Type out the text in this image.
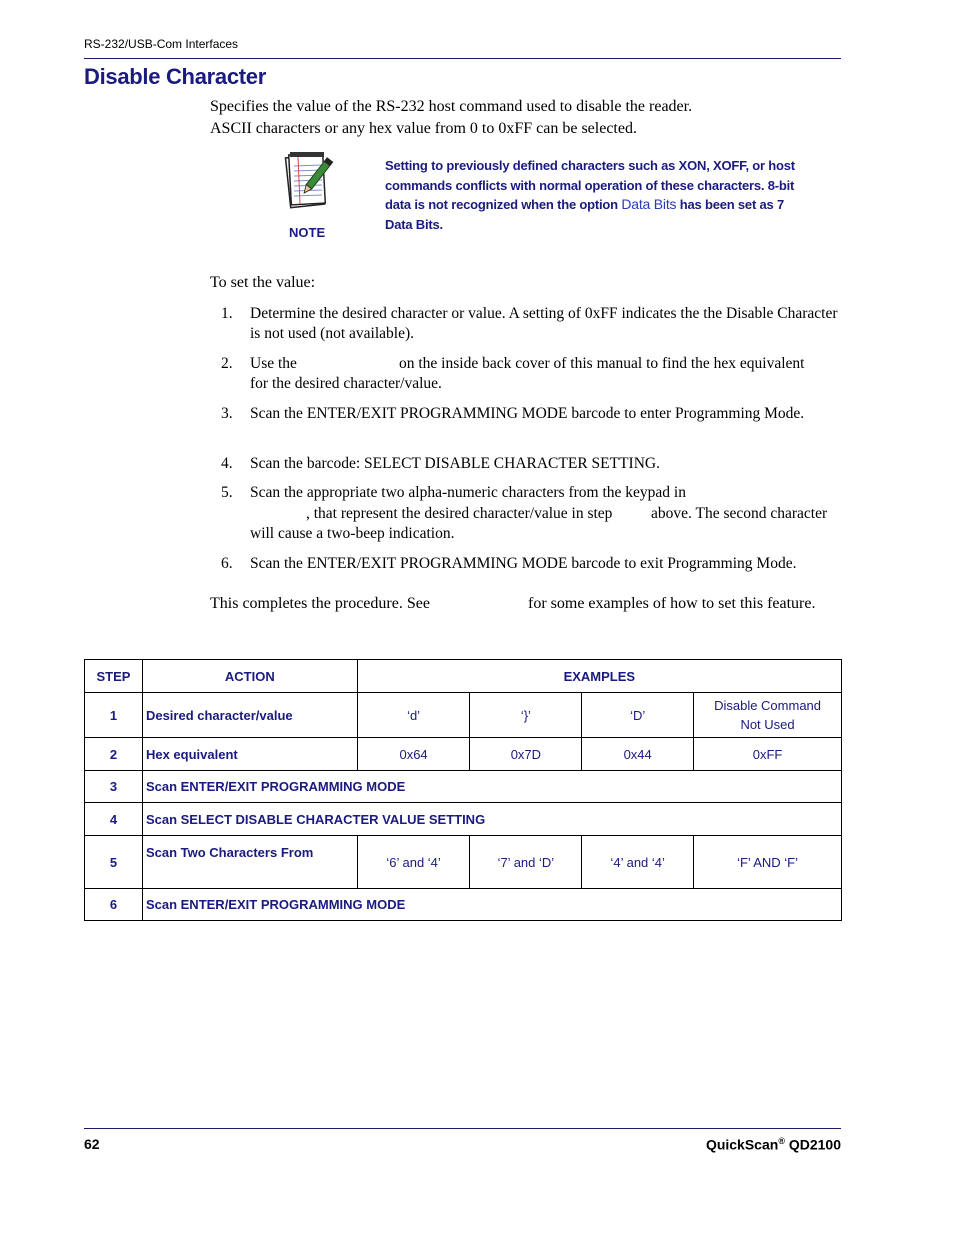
RS-232/USB-Com Interfaces
Disable Character

Specifies the value of the RS-232 host command used to disable the reader.

ASCII characters or any hex value from 0 to 0xFF can be selected.

NOTE
Setting to previously defined characters such as XON, XOFF, or host commands conflicts with normal operation of these characters. 8-bit data is not recognized when the option Data Bits has been set as 7 Data Bits.
To set the value:
1. Determine the desired character or value. A setting of 0xFF indicates the the Disable Character is not used (not available).
2. Use the	on the inside back cover of this manual to find the hex equivalent
for the desired character/value.
3. Scan the ENTER/EXIT PROGRAMMING MODE barcode to enter Programming Mode.
4. Scan the barcode: SELECT DISABLE CHARACTER SETTING.
5. Scan the appropriate two alpha-numeric characters from the keypad in
, that represent the desired character/value in step	above. The second character
will cause a two-beep indication.
6. Scan the ENTER/EXIT PROGRAMMING MODE barcode to exit Programming Mode.
This completes the procedure. See	for some examples of how to set this feature.
STEP	ACTION	EXAMPLES			
1	Desired character/value	‘d’	‘}’	‘D’	Disable Command Not Used
2	Hex equivalent	0x64	0x7D	0x44	0xFF
3	Scan ENTER/EXIT PROGRAMMING MODE				
4	Scan SELECT DISABLE CHARACTER VALUE SETTING				
5	Scan Two Characters From	‘6’ and ‘4’	‘7’ and ‘D’	‘4’ and ‘4’	‘F’ AND ‘F’
6	Scan ENTER/EXIT PROGRAMMING MODE				
62	QuickScan® QD2100
